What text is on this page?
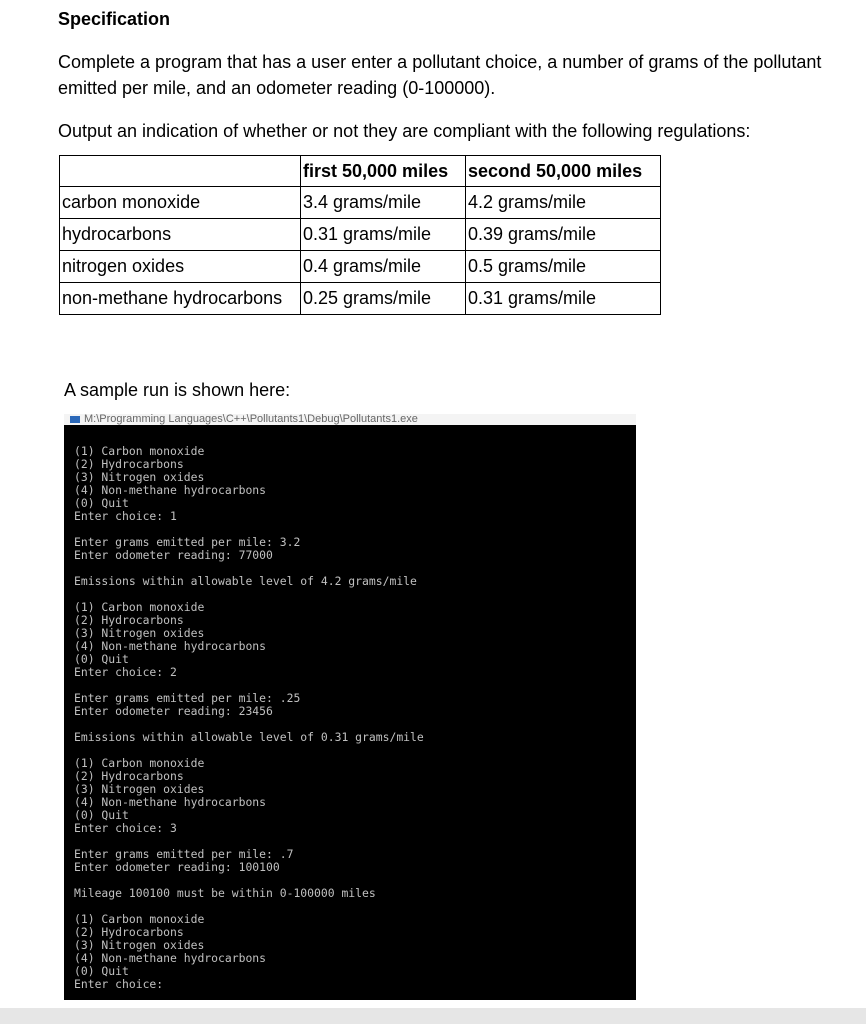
Specification
Complete a program that has a user enter a pollutant choice, a number of grams of the pollutant emitted per mile, and an odometer reading (0-100000).
Output an indication of whether or not they are compliant with the following regulations:
	first 50,000 miles	second 50,000 miles
carbon monoxide	3.4 grams/mile	4.2 grams/mile
hydrocarbons	0.31 grams/mile	0.39 grams/mile
nitrogen oxides	0.4 grams/mile	0.5 grams/mile
non-methane hydrocarbons	0.25 grams/mile	0.31 grams/mile
A sample run is shown here:
M:\Programming Languages\C++\Pollutants1\Debug\Pollutants1.exe
(1) Carbon monoxide
(2) Hydrocarbons
(3) Nitrogen oxides
(4) Non-methane hydrocarbons
(0) Quit
Enter choice: 1
Enter grams emitted per mile: 3.2
Enter odometer reading: 77000
Emissions within allowable level of 4.2 grams/mile
(1) Carbon monoxide
(2) Hydrocarbons
(3) Nitrogen oxides
(4) Non-methane hydrocarbons
(0) Quit
Enter choice: 2
Enter grams emitted per mile: .25
Enter odometer reading: 23456
Emissions within allowable level of 0.31 grams/mile
(1) Carbon monoxide
(2) Hydrocarbons
(3) Nitrogen oxides
(4) Non-methane hydrocarbons
(0) Quit
Enter choice: 3
Enter grams emitted per mile: .7
Enter odometer reading: 100100
Mileage 100100 must be within 0-100000 miles
(1) Carbon monoxide
(2) Hydrocarbons
(3) Nitrogen oxides
(4) Non-methane hydrocarbons
(0) Quit
Enter choice:
